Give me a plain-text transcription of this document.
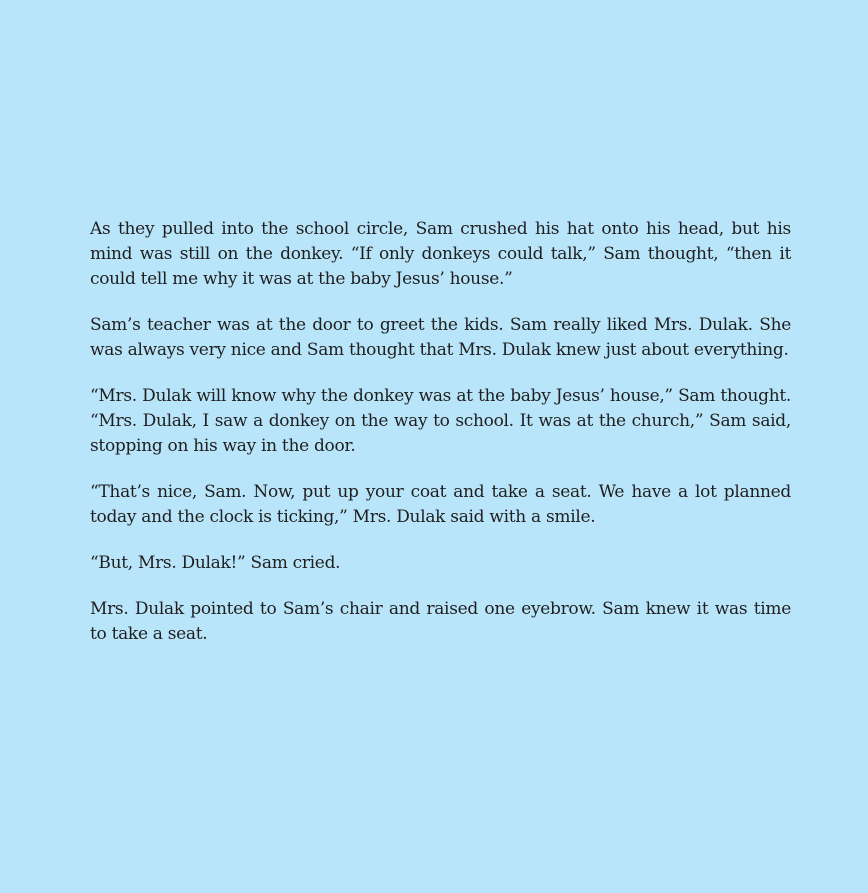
As they pulled into the school circle, Sam crushed his hat onto his head, but his mind was still on the donkey. “If only donkeys could talk,” Sam thought, “then it could tell me why it was at the baby Jesus’ house.”

Sam’s teacher was at the door to greet the kids. Sam really liked Mrs. Dulak. She was always very nice and Sam thought that Mrs. Dulak knew just about everything.

“Mrs. Dulak will know why the donkey was at the baby Jesus’ house,” Sam thought. “Mrs. Dulak, I saw a donkey on the way to school. It was at the church,” Sam said, stopping on his way in the door.

“That’s nice, Sam. Now, put up your coat and take a seat. We have a lot planned today and the clock is ticking,” Mrs. Dulak said with a smile.

“But, Mrs. Dulak!” Sam cried.

Mrs. Dulak pointed to Sam’s chair and raised one eyebrow. Sam knew it was time to take a seat.
